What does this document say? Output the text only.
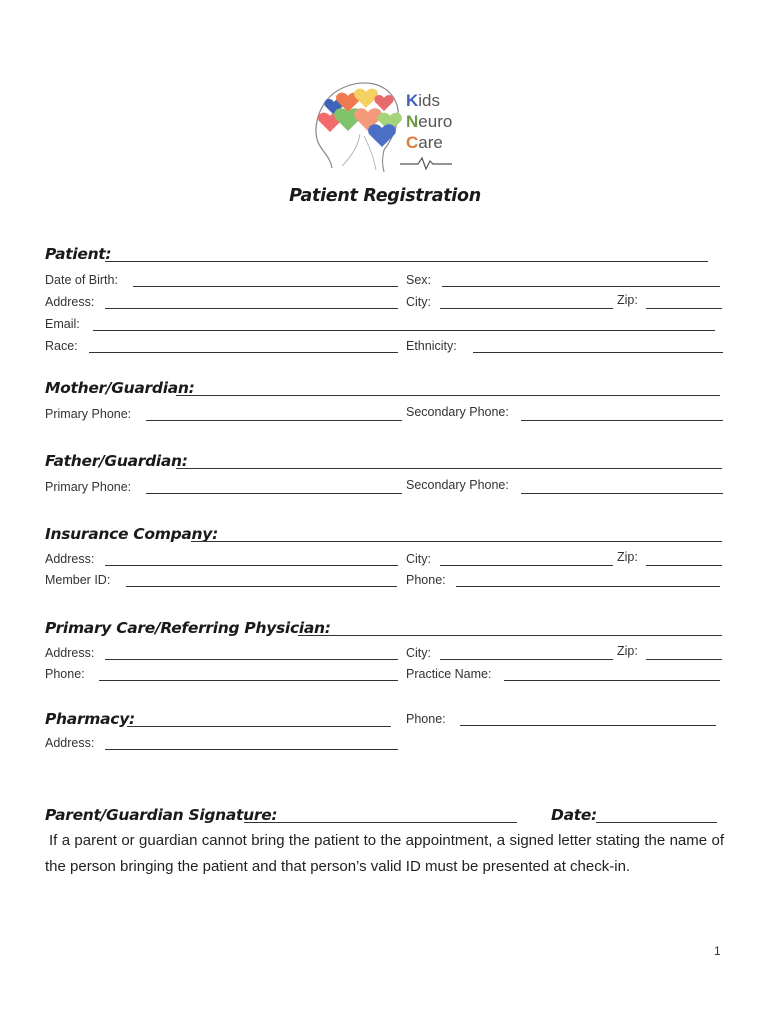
Kids
Neuro
Care
Patient Registration
Patient:
Date of Birth:	Sex:
Address:	City:	Zip:
Email:
Race:	Ethnicity:
Mother/Guardian:
Primary Phone:	Secondary Phone:
Father/Guardian:
Primary Phone:	Secondary Phone:
Insurance Company:
Address:	City:	Zip:
Member ID:	Phone:
Primary Care/Referring Physician:
Address:	City:	Zip:
Phone:	Practice Name:
Pharmacy:	Phone:
Address:
Parent/Guardian Signature:	Date:
If a parent or guardian cannot bring the patient to the appointment, a signed letter stating the name of the person bringing the patient and that person’s valid ID must be presented at check-in.
1
